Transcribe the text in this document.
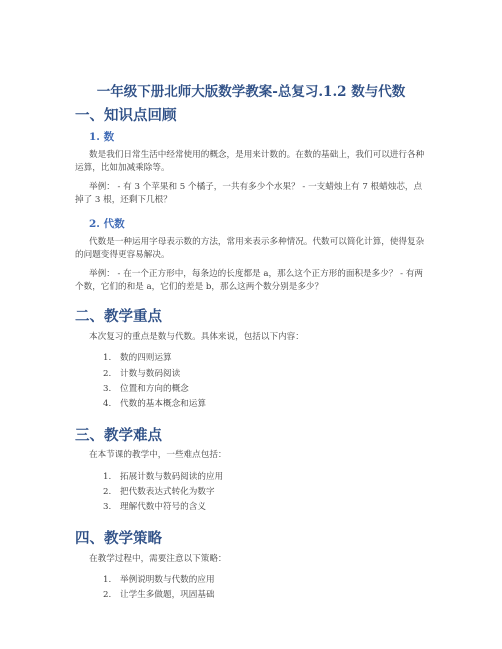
一年级下册北师大版数学教案-总复习.1.2 数与代数
一、知识点回顾
1. 数
数是我们日常生活中经常使用的概念，是用来计数的。在数的基础上，我们可以进行各种运算，比如加减乘除等。
举例： - 有 3 个苹果和 5 个橘子，一共有多少个水果？ - 一支蜡烛上有 7 根蜡烛芯，点掉了 3 根，还剩下几根？
2. 代数
代数是一种运用字母表示数的方法，常用来表示多种情况。代数可以简化计算，使得复杂的问题变得更容易解决。
举例： - 在一个正方形中，每条边的长度都是 a，那么这个正方形的面积是多少？ - 有两个数，它们的和是 a，它们的差是 b，那么这两个数分别是多少？
二、教学重点
本次复习的重点是数与代数。具体来说，包括以下内容：
1. 数的四则运算
2. 计数与数码阅读
3. 位置和方向的概念
4. 代数的基本概念和运算
三、教学难点
在本节课的教学中，一些难点包括：
1. 拓展计数与数码阅读的应用
2. 把代数表达式转化为数字
3. 理解代数中符号的含义
四、教学策略
在教学过程中，需要注意以下策略：
1. 举例说明数与代数的应用
2. 让学生多做题，巩固基础
